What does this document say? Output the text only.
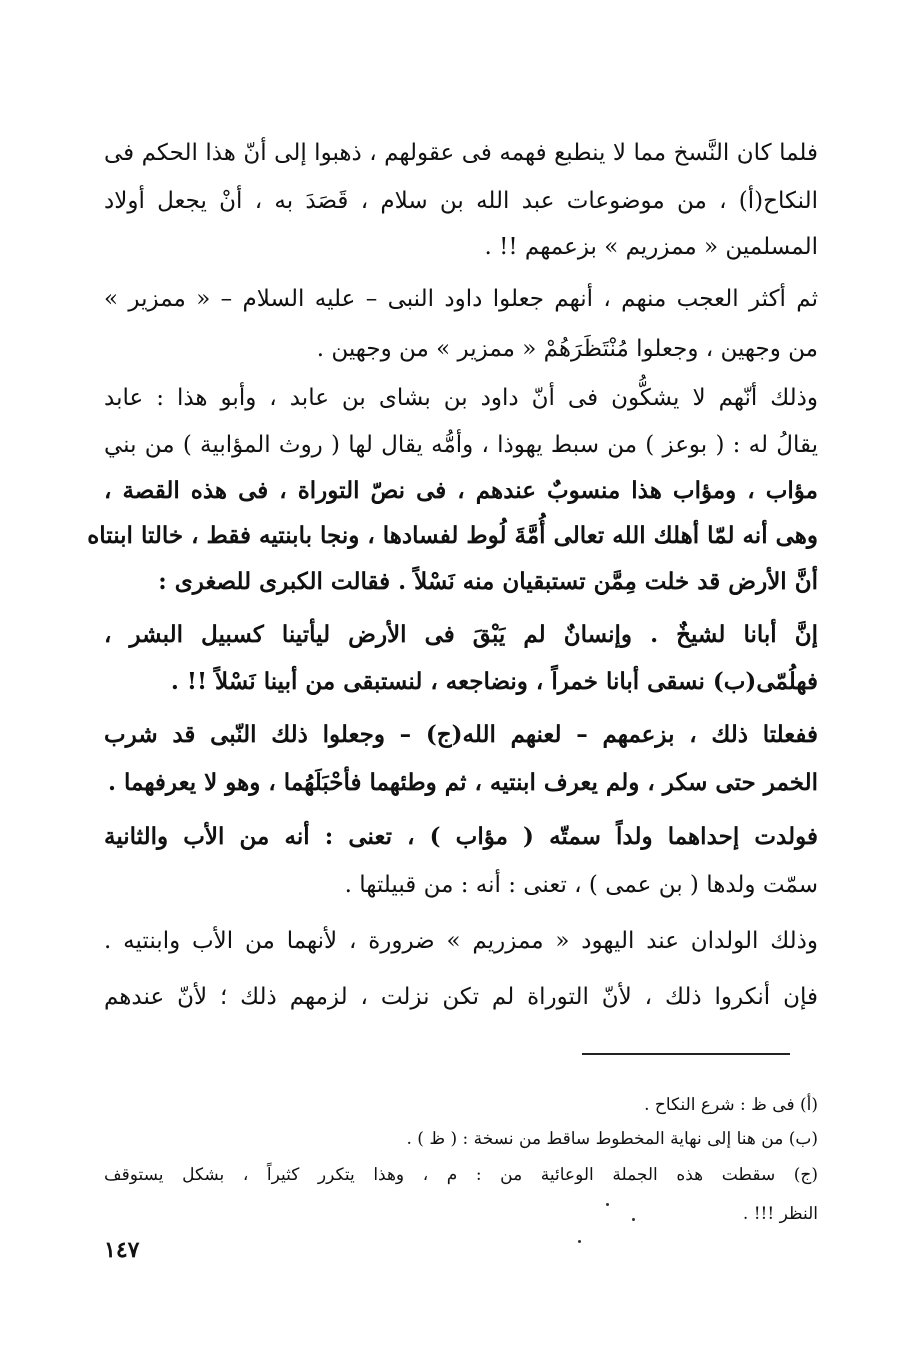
فلما كان النَّسخ مما لا ينطبع فهمه فى عقولهم ، ذهبوا إلى أنّ هذا الحكم فى
النكاح(أ) ، من موضوعات عبد الله بن سلام ، قَصَدَ به ، أنْ يجعل أولاد
المسلمين « ممزريم » بزعمهم !! .
ثم أكثر العجب منهم ، أنهم جعلوا داود النبى – عليه السلام – « ممزير »
من وجهين ، وجعلوا مُنْتَظَرَهُمْ « ممزير » من وجهين .
وذلك أنّهم لا يشكُّون فى أنّ داود بن بشاى بن عابد ، وأبو هذا : عابد
يقالُ له : ( بوعز ) من سبط يهوذا ، وأمُّه يقال لها ( روث المؤابية ) من بني
مؤاب ، ومؤاب هذا منسوبٌ عندهم ، فى نصّ التوراة ، فى هذه القصة ،
وهى أنه لمّا أهلك الله تعالى أُمَّةَ لُوط لفسادها ، ونجا بابنتيه فقط ، خالتا ابنتاه
أنَّ الأرض قد خلت مِمَّن تستبقيان منه نَسْلاً . فقالت الكبرى للصغرى :
إنَّ أبانا لشيخٌ . وإنسانٌ لم يَبْقَ فى الأرض ليأتينا كسبيل البشر ،
فهلُمّى(ب) نسقى أبانا خمراً ، ونضاجعه ، لنستبقى من أبينا نَسْلاً !! .
ففعلتا ذلك ، بزعمهم – لعنهم الله(ج) – وجعلوا ذلك النّبى قد شرب
الخمر حتى سكر ، ولم يعرف ابنتيه ، ثم وطئهما فأحْبَلَهُما ، وهو لا يعرفهما .
فولدت إحداهما ولداً سمتّه ( مؤاب ) ، تعنى : أنه من الأب والثانية
سمّت ولدها ( بن عمى ) ، تعنى : أنه : من قبيلتها .
وذلك الولدان عند اليهود « ممزريم » ضرورة ، لأنهما من الأب وابنتيه .
فإن أنكروا ذلك ، لأنّ التوراة لم تكن نزلت ، لزمهم ذلك ؛ لأنّ عندهم
(أ) فى ظ : شرع النكاح .
(ب) من هنا إلى نهاية المخطوط ساقط من نسخة : ( ظ ) .
(ج) سقطت هذه الجملة الوعائية من : م ، وهذا يتكرر كثيراً ، بشكل يستوقف
النظر !!! .
١٤٧
